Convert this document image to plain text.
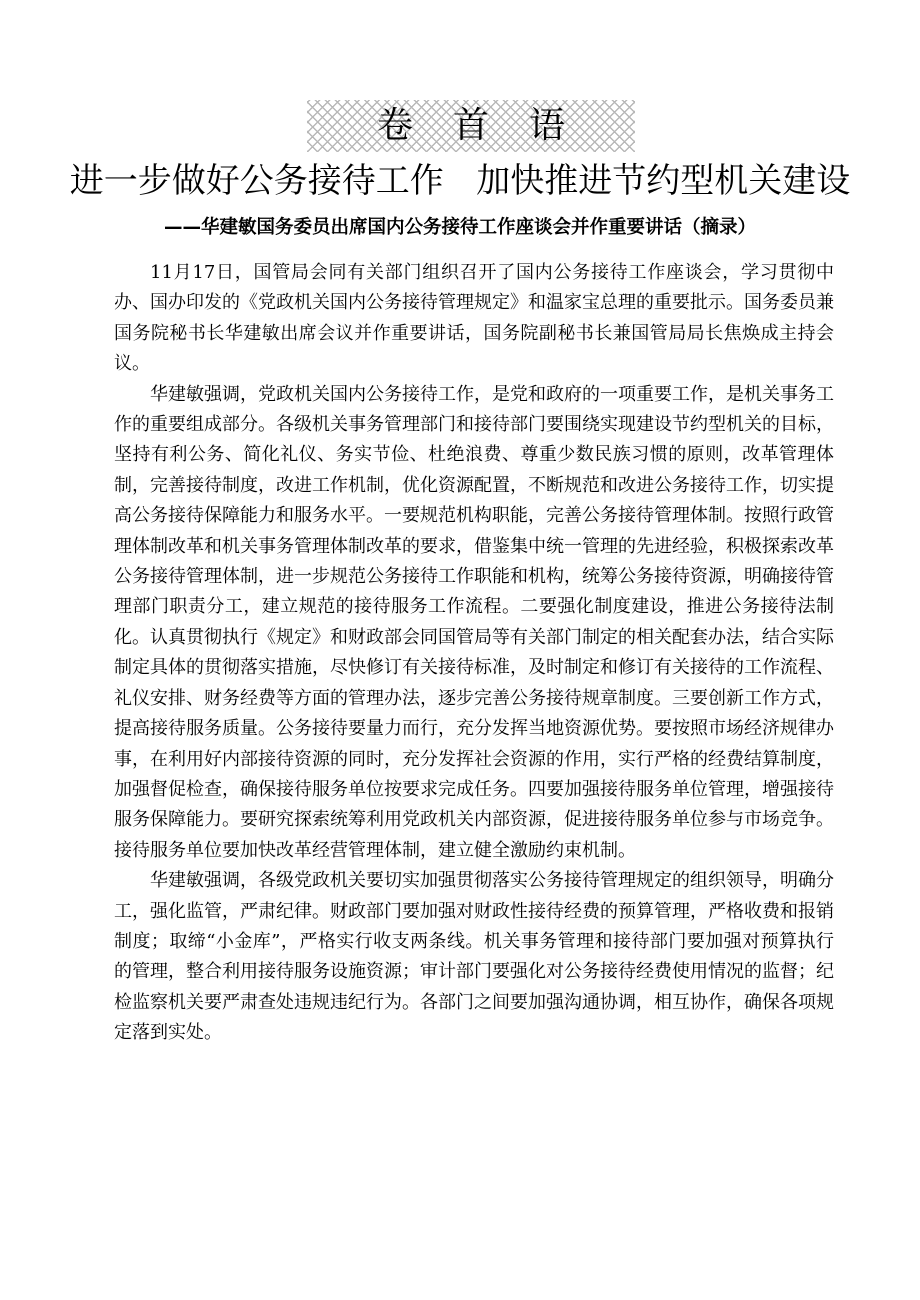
卷首语
进一步做好公务接待工作   加快推进节约型机关建设
——华建敏国务委员出席国内公务接待工作座谈会并作重要讲话（摘录）

11月17日，国管局会同有关部门组织召开了国内公务接待工作座谈会，学习贯彻中办、国办印发的《党政机关国内公务接待管理规定》和温家宝总理的重要批示。国务委员兼国务院秘书长华建敏出席会议并作重要讲话，国务院副秘书长兼国管局局长焦焕成主持会议。

华建敏强调，党政机关国内公务接待工作，是党和政府的一项重要工作，是机关事务工作的重要组成部分。各级机关事务管理部门和接待部门要围绕实现建设节约型机关的目标，坚持有利公务、简化礼仪、务实节俭、杜绝浪费、尊重少数民族习惯的原则，改革管理体制，完善接待制度，改进工作机制，优化资源配置，不断规范和改进公务接待工作，切实提高公务接待保障能力和服务水平。一要规范机构职能，完善公务接待管理体制。按照行政管理体制改革和机关事务管理体制改革的要求，借鉴集中统一管理的先进经验，积极探索改革公务接待管理体制，进一步规范公务接待工作职能和机构，统筹公务接待资源，明确接待管理部门职责分工，建立规范的接待服务工作流程。二要强化制度建设，推进公务接待法制化。认真贯彻执行《规定》和财政部会同国管局等有关部门制定的相关配套办法，结合实际制定具体的贯彻落实措施，尽快修订有关接待标准，及时制定和修订有关接待的工作流程、礼仪安排、财务经费等方面的管理办法，逐步完善公务接待规章制度。三要创新工作方式，提高接待服务质量。公务接待要量力而行，充分发挥当地资源优势。要按照市场经济规律办事，在利用好内部接待资源的同时，充分发挥社会资源的作用，实行严格的经费结算制度，加强督促检查，确保接待服务单位按要求完成任务。四要加强接待服务单位管理，增强接待服务保障能力。要研究探索统筹利用党政机关内部资源，促进接待服务单位参与市场竞争。接待服务单位要加快改革经营管理体制，建立健全激励约束机制。

华建敏强调，各级党政机关要切实加强贯彻落实公务接待管理规定的组织领导，明确分工，强化监管，严肃纪律。财政部门要加强对财政性接待经费的预算管理，严格收费和报销制度；取缔“小金库”，严格实行收支两条线。机关事务管理和接待部门要加强对预算执行的管理，整合利用接待服务设施资源；审计部门要强化对公务接待经费使用情况的监督；纪检监察机关要严肃查处违规违纪行为。各部门之间要加强沟通协调，相互协作，确保各项规定落到实处。
